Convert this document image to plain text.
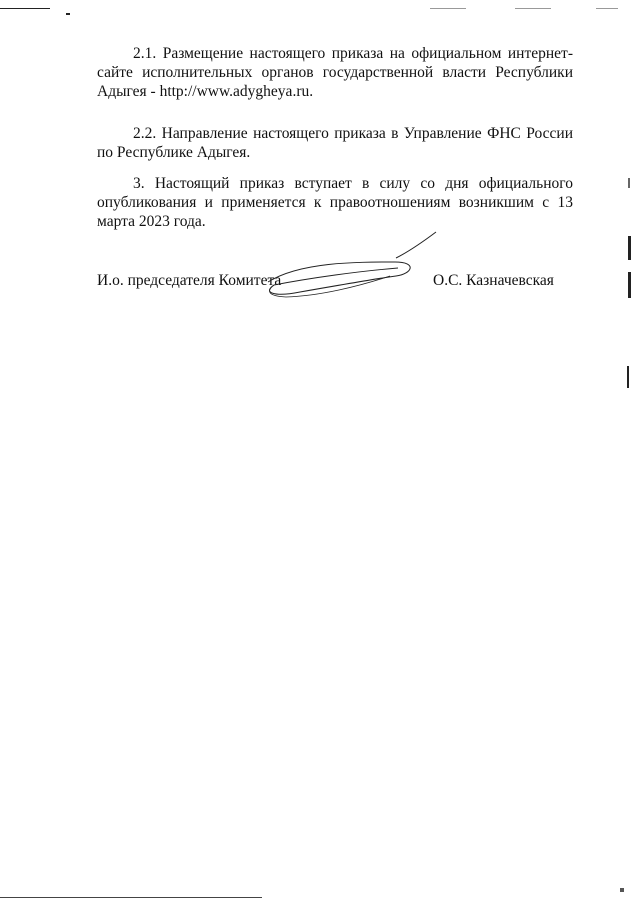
2.1. Размещение настоящего приказа на официальном интернет-сайте исполнительных органов государственной власти Республики Адыгея - http://www.adygheya.ru.

2.2. Направление настоящего приказа в Управление ФНС России по Республике Адыгея.

3. Настоящий приказ вступает в силу со дня официального опубликования и применяется к правоотношениям возникшим с 13 марта 2023 года.

И.о. председателя Комитета	О.С. Казначевская
